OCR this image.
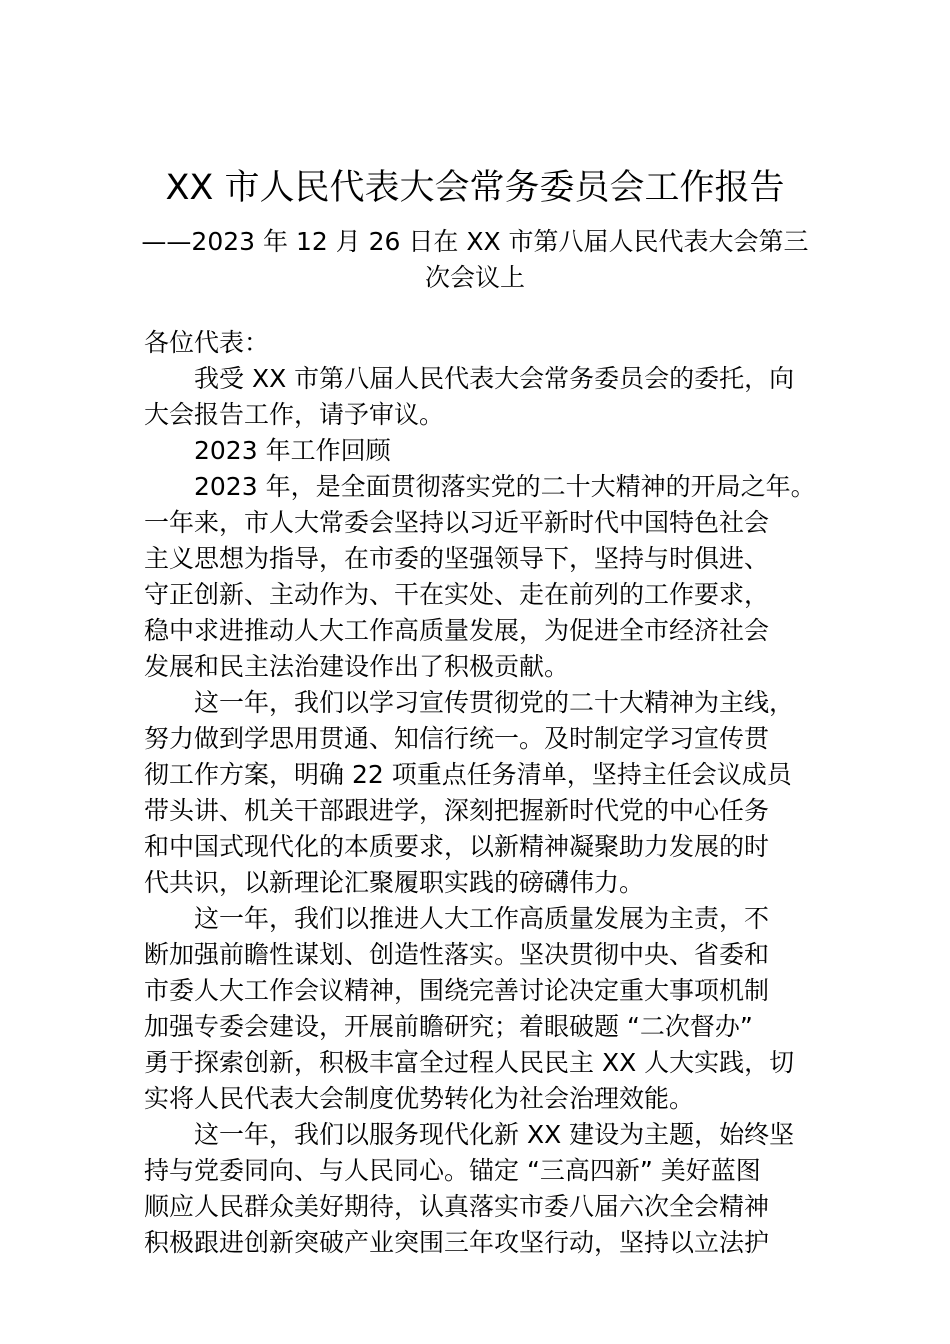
XX 市人民代表大会常务委员会工作报告
——2023 年 12 月 26 日在 XX 市第八届人民代表大会第三
次会议上
各位代表：
我受 XX 市第八届人民代表大会常务委员会的委托，向
大会报告工作，请予审议。
2023 年工作回顾
2023 年，是全面贯彻落实党的二十大精神的开局之年。
一年来，市人大常委会坚持以习近平新时代中国特色社会
主义思想为指导，在市委的坚强领导下，坚持与时俱进、
守正创新、主动作为、干在实处、走在前列的工作要求，
稳中求进推动人大工作高质量发展，为促进全市经济社会
发展和民主法治建设作出了积极贡献。
这一年，我们以学习宣传贯彻党的二十大精神为主线，
努力做到学思用贯通、知信行统一。及时制定学习宣传贯
彻工作方案，明确 22 项重点任务清单，坚持主任会议成员
带头讲、机关干部跟进学，深刻把握新时代党的中心任务
和中国式现代化的本质要求，以新精神凝聚助力发展的时
代共识，以新理论汇聚履职实践的磅礴伟力。
这一年，我们以推进人大工作高质量发展为主责，不
断加强前瞻性谋划、创造性落实。坚决贯彻中央、省委和
市委人大工作会议精神，围绕完善讨论决定重大事项机制
加强专委会建设，开展前瞻研究；着眼破题 “二次督办”
勇于探索创新，积极丰富全过程人民民主 XX 人大实践，切
实将人民代表大会制度优势转化为社会治理效能。
这一年，我们以服务现代化新 XX 建设为主题，始终坚
持与党委同向、与人民同心。锚定 “三高四新” 美好蓝图
顺应人民群众美好期待，认真落实市委八届六次全会精神
积极跟进创新突破产业突围三年攻坚行动，坚持以立法护
